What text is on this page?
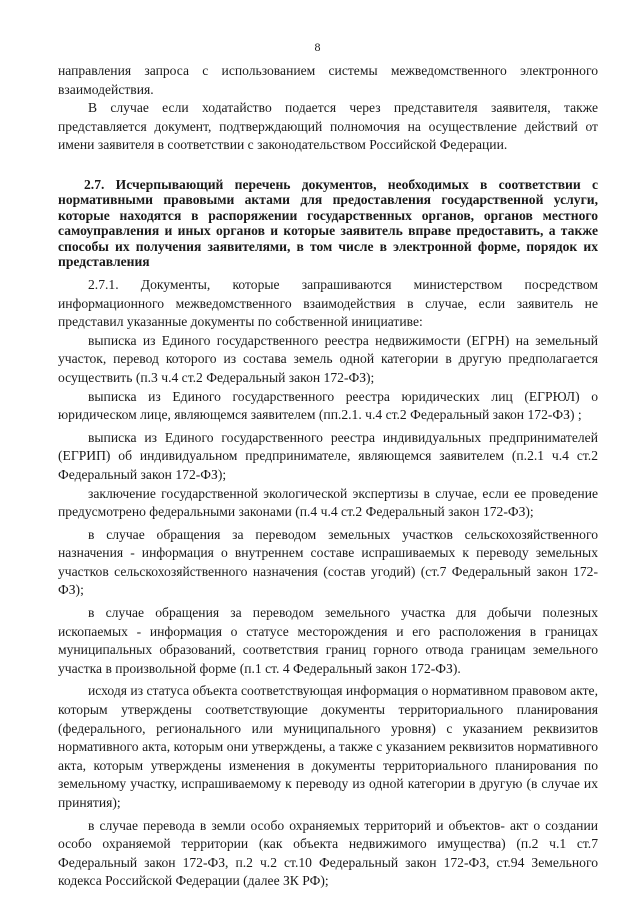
8

направления запроса с использованием системы межведомственного электронного взаимодействия.

В случае если ходатайство подается через представителя заявителя, также представляется документ, подтверждающий полномочия на осуществление действий от имени заявителя в соответствии с законодательством Российской Федерации.

2.7. Исчерпывающий перечень документов, необходимых в соответствии с нормативными правовыми актами для предоставления государственной услуги, которые находятся в распоряжении государственных органов, органов местного самоуправления и иных органов и которые заявитель вправе предоставить, а также способы их получения заявителями, в том числе в электронной форме, порядок их представления

2.7.1. Документы, которые запрашиваются министерством посредством информационного межведомственного взаимодействия в случае, если заявитель не представил указанные документы по собственной инициативе:

выписка из Единого государственного реестра недвижимости (ЕГРН) на земельный участок, перевод которого из состава земель одной категории в другую предполагается осуществить (п.3 ч.4 ст.2 Федеральный закон 172-ФЗ);

выписка из Единого государственного реестра юридических лиц (ЕГРЮЛ) о юридическом лице, являющемся заявителем (пп.2.1. ч.4 ст.2 Федеральный закон 172-ФЗ) ;

выписка из Единого государственного реестра индивидуальных предпринимателей (ЕГРИП) об индивидуальном предпринимателе, являющемся заявителем (п.2.1 ч.4 ст.2 Федеральный закон 172-ФЗ);

заключение государственной экологической экспертизы в случае, если ее проведение предусмотрено федеральными законами (п.4 ч.4 ст.2 Федеральный закон 172-ФЗ);

в случае обращения за переводом земельных участков сельскохозяйственного назначения - информация о внутреннем составе испрашиваемых к переводу земельных участков сельскохозяйственного назначения (состав угодий) (ст.7 Федеральный закон 172-ФЗ);

в случае обращения за переводом земельного участка для добычи полезных ископаемых - информация о статусе месторождения и его расположения в границах муниципальных образований, соответствия границ горного отвода границам земельного участка в произвольной форме (п.1 ст. 4 Федеральный закон 172-ФЗ).

исходя из статуса объекта соответствующая информация о нормативном правовом акте, которым утверждены соответствующие документы территориального планирования (федерального, регионального или муниципального уровня) с указанием реквизитов нормативного акта, которым они утверждены, а также с указанием реквизитов нормативного акта, которым утверждены изменения в документы территориального планирования по земельному участку, испрашиваемому к переводу из одной категории в другую (в случае их принятия);

в случае перевода в земли особо охраняемых территорий и объектов- акт о создании особо охраняемой территории (как объекта недвижимого имущества) (п.2 ч.1 ст.7 Федеральный закон 172-ФЗ, п.2 ч.2 ст.10 Федеральный закон 172-ФЗ, ст.94 Земельного кодекса Российской Федерации (далее ЗК РФ);
